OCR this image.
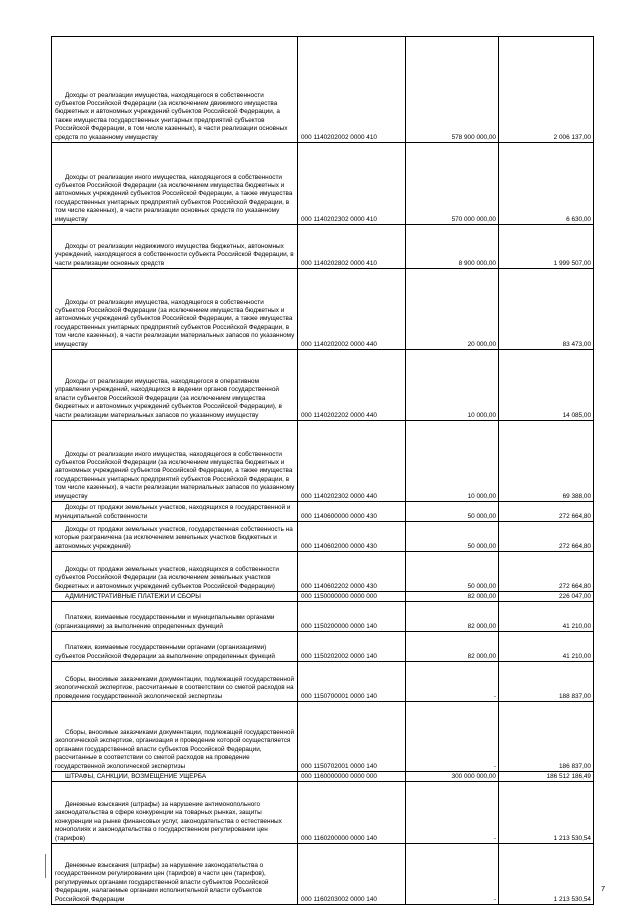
Доходы от реализации имущества, находящегося в собственности субъектов Российской Федерации (за исключением движимого имущества бюджетных и автономных учреждений субъектов Российской Федерации, а также имущества государственных унитарных предприятий субъектов Российской Федерации, в том числе казенных), в части реализации основных средств по указанному имуществу	000 1140202002 0000 410	578 900 000,00	2 006 137,00
Доходы от реализации иного имущества, находящегося в собственности субъектов Российской Федерации (за исключением имущества бюджетных и автономных учреждений субъектов Российской Федерации, а также имущества государственных унитарных предприятий субъектов Российской Федерации, в том числе казенных), в части реализации основных средств по указанному имуществу	000 1140202302 0000 410	570 000 000,00	6 630,00
Доходы от реализации недвижимого имущества бюджетных, автономных учреждений, находящегося в собственности субъекта Российской Федерации, в части реализации основных средств	000 1140202802 0000 410	8 900 000,00	1 999 507,00
Доходы от реализации имущества, находящегося в собственности субъектов Российской Федерации (за исключением имущества бюджетных и автономных учреждений субъектов Российской Федерации, а также имущества государственных унитарных предприятий субъектов Российской Федерации, в том числе казенных), в части реализации материальных запасов по указанному имуществу	000 1140202002 0000 440	20 000,00	83 473,00
Доходы от реализации имущества, находящегося в оперативном управлении учреждений, находящихся в ведении органов государственной власти субъектов Российской Федерации (за исключением имущества бюджетных и автономных учреждений субъектов Российской Федерации), в части реализации материальных запасов по указанному имуществу	000 1140202202 0000 440	10 000,00	14 085,00
Доходы от реализации иного имущества, находящегося в собственности субъектов Российской Федерации (за исключением имущества бюджетных и автономных учреждений субъектов Российской Федерации, а также имущества государственных унитарных предприятий субъектов Российской Федерации, в том числе казенных), в части реализации материальных запасов по указанному имуществу	000 1140202302 0000 440	10 000,00	69 388,00
Доходы от продажи земельных участков, находящихся в государственной и муниципальной собственности	000 1140600000 0000 430	50 000,00	272 664,80
Доходы от продажи земельных участков, государственная собственность на которые разграничена (за исключением земельных участков бюджетных и автономных учреждений)	000 1140602000 0000 430	50 000,00	272 664,80
Доходы от продажи земельных участков, находящихся в собственности субъектов Российской Федерации (за исключением земельных участков бюджетных и автономных учреждений субъектов Российской Федерации)	000 1140602202 0000 430	50 000,00	272 664,80
АДМИНИСТРАТИВНЫЕ ПЛАТЕЖИ И СБОРЫ	000 1150000000 0000 000	82 000,00	226 047,00
Платежи, взимаемые государственными и муниципальными органами (организациями) за выполнение определенных функций	000 1150200000 0000 140	82 000,00	41 210,00
Платежи, взимаемые государственными органами (организациями) субъектов Российской Федерации за выполнение определенных функций	000 1150202002 0000 140	82 000,00	41 210,00
Сборы, вносимые заказчиками документации, подлежащей государственной экологической экспертизе, рассчитанные в соответствии со сметой расходов на проведение государственной экологической экспертизы	000 1150700001 0000 140	-	188 837,00
Сборы, вносимые заказчиками документации, подлежащей государственной экологической экспертизе, организация и проведение которой осуществляется органами государственной власти субъектов Российской Федерации, рассчитанные в соответствии со сметой расходов на проведение государственной экологической экспертизы	000 1150702001 0000 140	-	186 837,00
ШТРАФЫ, САНКЦИИ, ВОЗМЕЩЕНИЕ УЩЕРБА	000 1160000000 0000 000	300 000 000,00	186 512 186,49
Денежные взыскания (штрафы) за нарушение антимонопольного законодательства в сфере конкуренции на товарных рынках, защиты конкуренции на рынке финансовых услуг, законодательства о естественных монополиях и законодательства о государственном регулировании цен (тарифов)	000 1160200000 0000 140	-	1 213 530,54
Денежные взыскания (штрафы) за нарушение законодательства о государственном регулировании цен (тарифов) в части цен (тарифов), регулируемых органами государственной власти субъектов Российской Федерации, налагаемые органами исполнительной власти субъектов Российской Федерации	000 1160203002 0000 140	-	1 213 530,54
7
